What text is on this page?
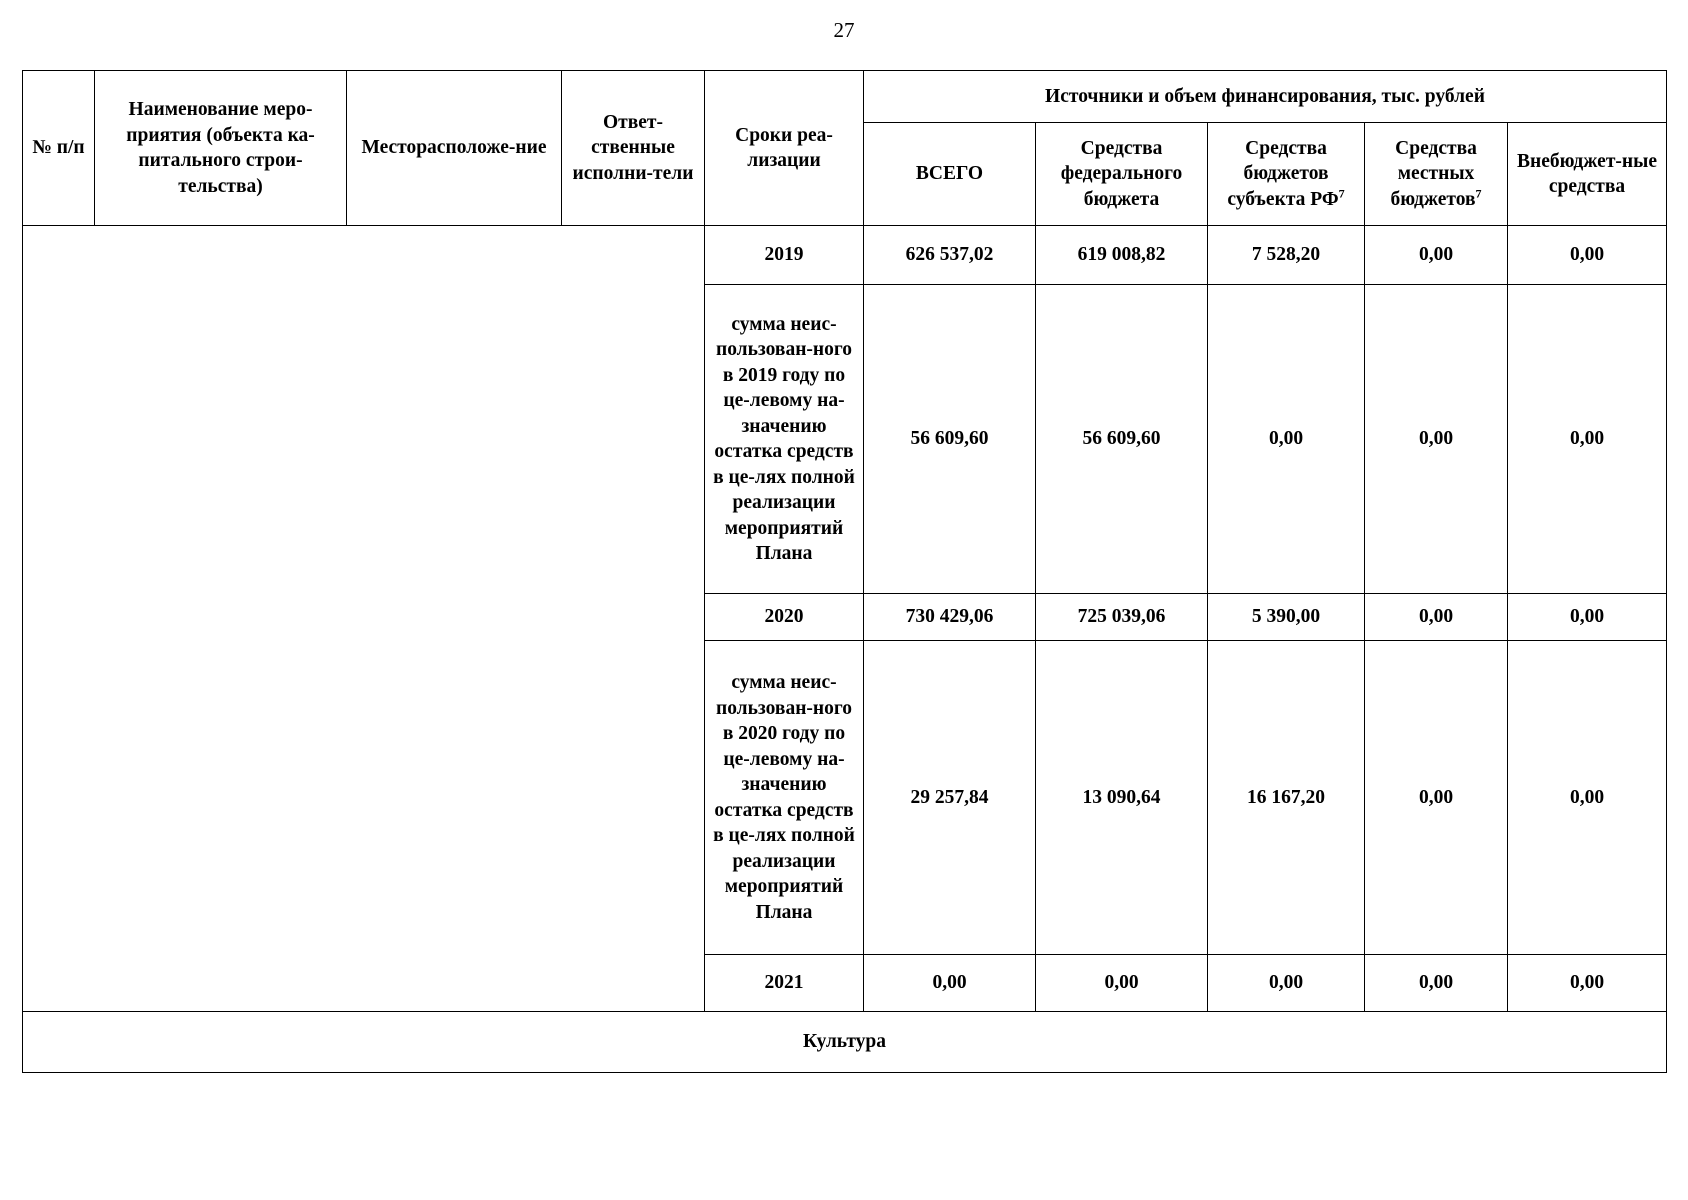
27
№ п/п	Наименование меро-приятия (объекта ка-питального строи-тельства)	Месторасположе-ние	Ответ-ственные исполни-тели	Сроки реа-лизации	Источники и объем финансирования, тыс. рублей				
					ВСЕГО	Средства федерального бюджета	Средства бюджетов субъекта $РФ^7$	Средства местных бюджетов$^7$	Внебюджет-ные средства
				2019	626 537,02	619 008,82	7 528,20	0,00	0,00
				сумма неис-пользован-ного в 2019 году по це-левому на-значению остатка средств в це-лях полной реализации мероприятий Плана	56 609,60	56 609,60	0,00	0,00	0,00
				2020	730 429,06	725 039,06	5 390,00	0,00	0,00
				сумма неис-пользован-ного в 2020 году по це-левому на-значению остатка средств в це-лях полной реализации мероприятий Плана	29 257,84	13 090,64	16 167,20	0,00	0,00
				2021	0,00	0,00	0,00	0,00	0,00
Культура									
